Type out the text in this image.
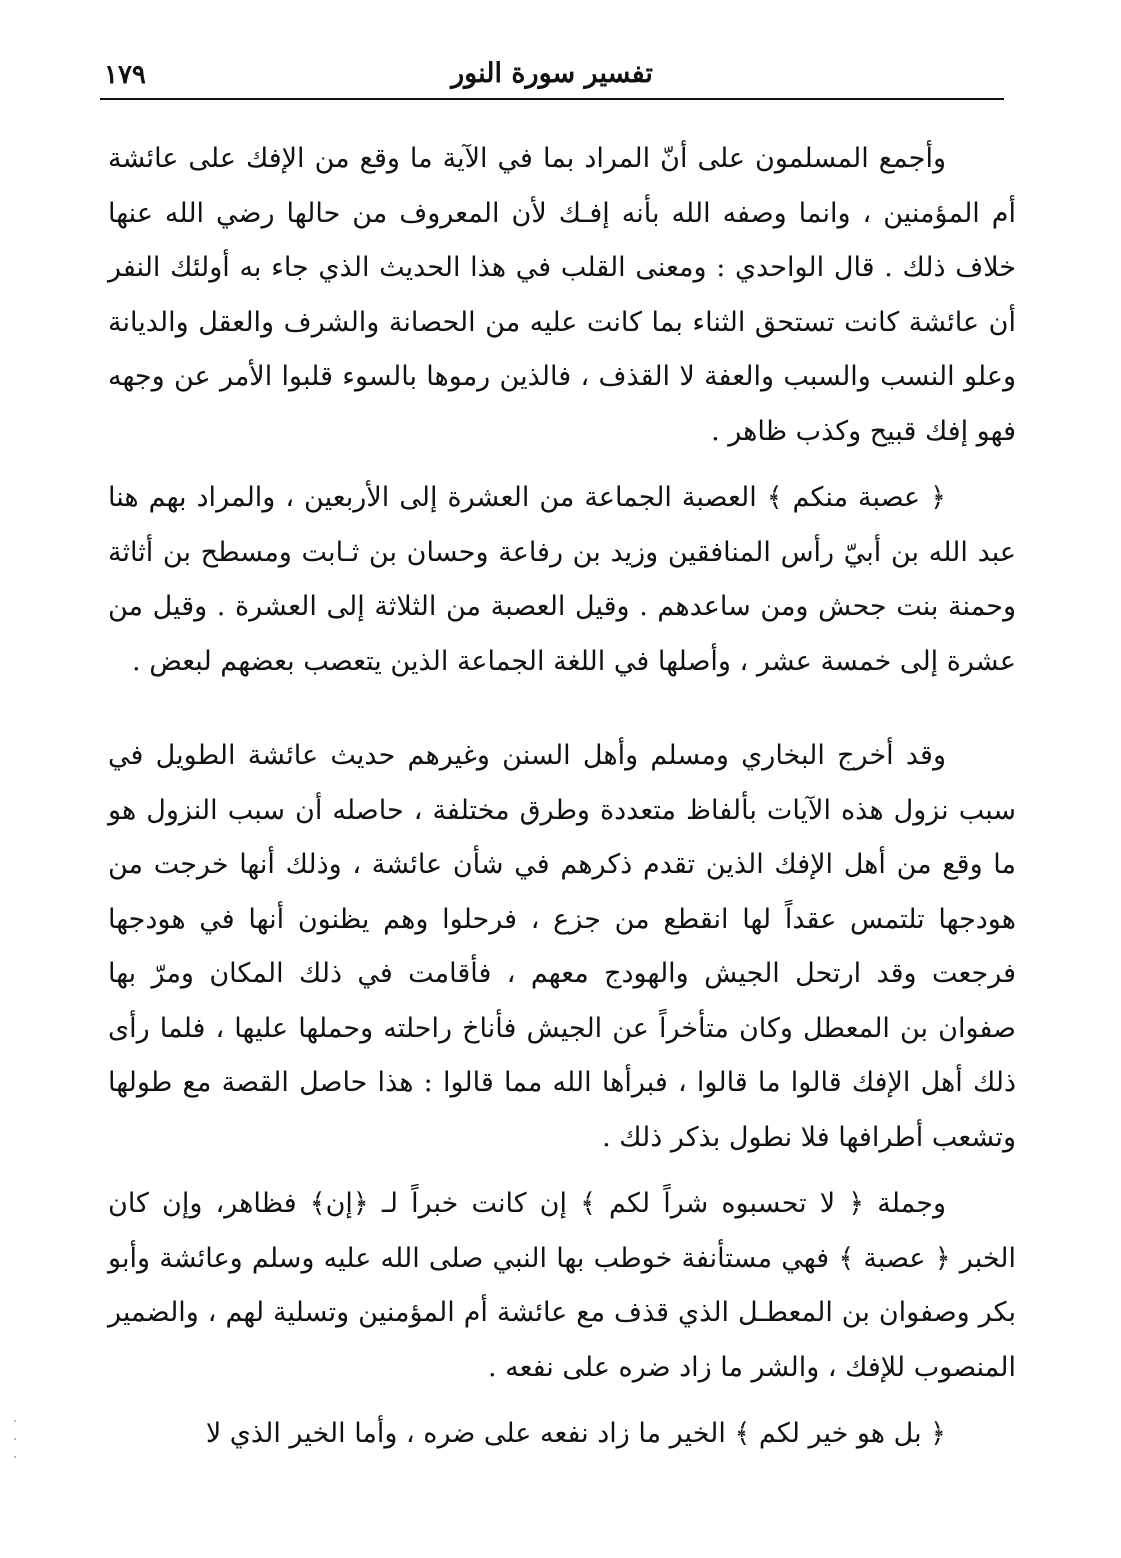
تفسير سورة النور
١٧٩

وأجمع المسلمون على أنّ المراد بما في الآية ما وقع من الإفك على عائشة أم المؤمنين ، وانما وصفه الله بأنه إفـك لأن المعروف من حالها رضي الله عنها خلاف ذلك . قال الواحدي : ومعنى القلب في هذا الحديث الذي جاء به أولئك النفر أن عائشة كانت تستحق الثناء بما كانت عليه من الحصانة والشرف والعقل والديانة وعلو النسب والسبب والعفة لا القذف ، فالذين رموها بالسوء قلبوا الأمر عن وجهه فهو إفك قبيح وكذب ظاهر .

﴿ عصبة منكم ﴾ العصبة الجماعة من العشرة إلى الأربعين ، والمراد بهم هنا عبد الله بن أبيّ رأس المنافقين وزيد بن رفاعة وحسان بن ثـابت ومسطح بن أثاثة وحمنة بنت جحش ومن ساعدهم . وقيل العصبة من الثلاثة إلى العشرة . وقيل من عشرة إلى خمسة عشر ، وأصلها في اللغة الجماعة الذين يتعصب بعضهم لبعض .

وقد أخرج البخاري ومسلم وأهل السنن وغيرهم حديث عائشة الطويل في سبب نزول هذه الآيات بألفاظ متعددة وطرق مختلفة ، حاصله أن سبب النزول هو ما وقع من أهل الإفك الذين تقدم ذكرهم في شأن عائشة ، وذلك أنها خرجت من هودجها تلتمس عقداً لها انقطع من جزع ، فرحلوا وهم يظنون أنها في هودجها فرجعت وقد ارتحل الجيش والهودج معهم ، فأقامت في ذلك المكان ومرّ بها صفوان بن المعطل وكان متأخراً عن الجيش فأناخ راحلته وحملها عليها ، فلما رأى ذلك أهل الإفك قالوا ما قالوا ، فبرأها الله مما قالوا : هذا حاصل القصة مع طولها وتشعب أطرافها فلا نطول بذكر ذلك .

وجملة ﴿ لا تحسبوه شراً لكم ﴾ إن كانت خبراً لـ ﴿إن﴾ فظاهر، وإن كان الخبر ﴿ عصبة ﴾ فهي مستأنفة خوطب بها النبي صلى الله عليه وسلم وعائشة وأبو بكر وصفوان بن المعطـل الذي قذف مع عائشة أم المؤمنين وتسلية لهم ، والضمير المنصوب للإفك ، والشر ما زاد ضره على نفعه .

﴿ بل هو خير لكم ﴾ الخير ما زاد نفعه على ضره ، وأما الخير الذي لا
